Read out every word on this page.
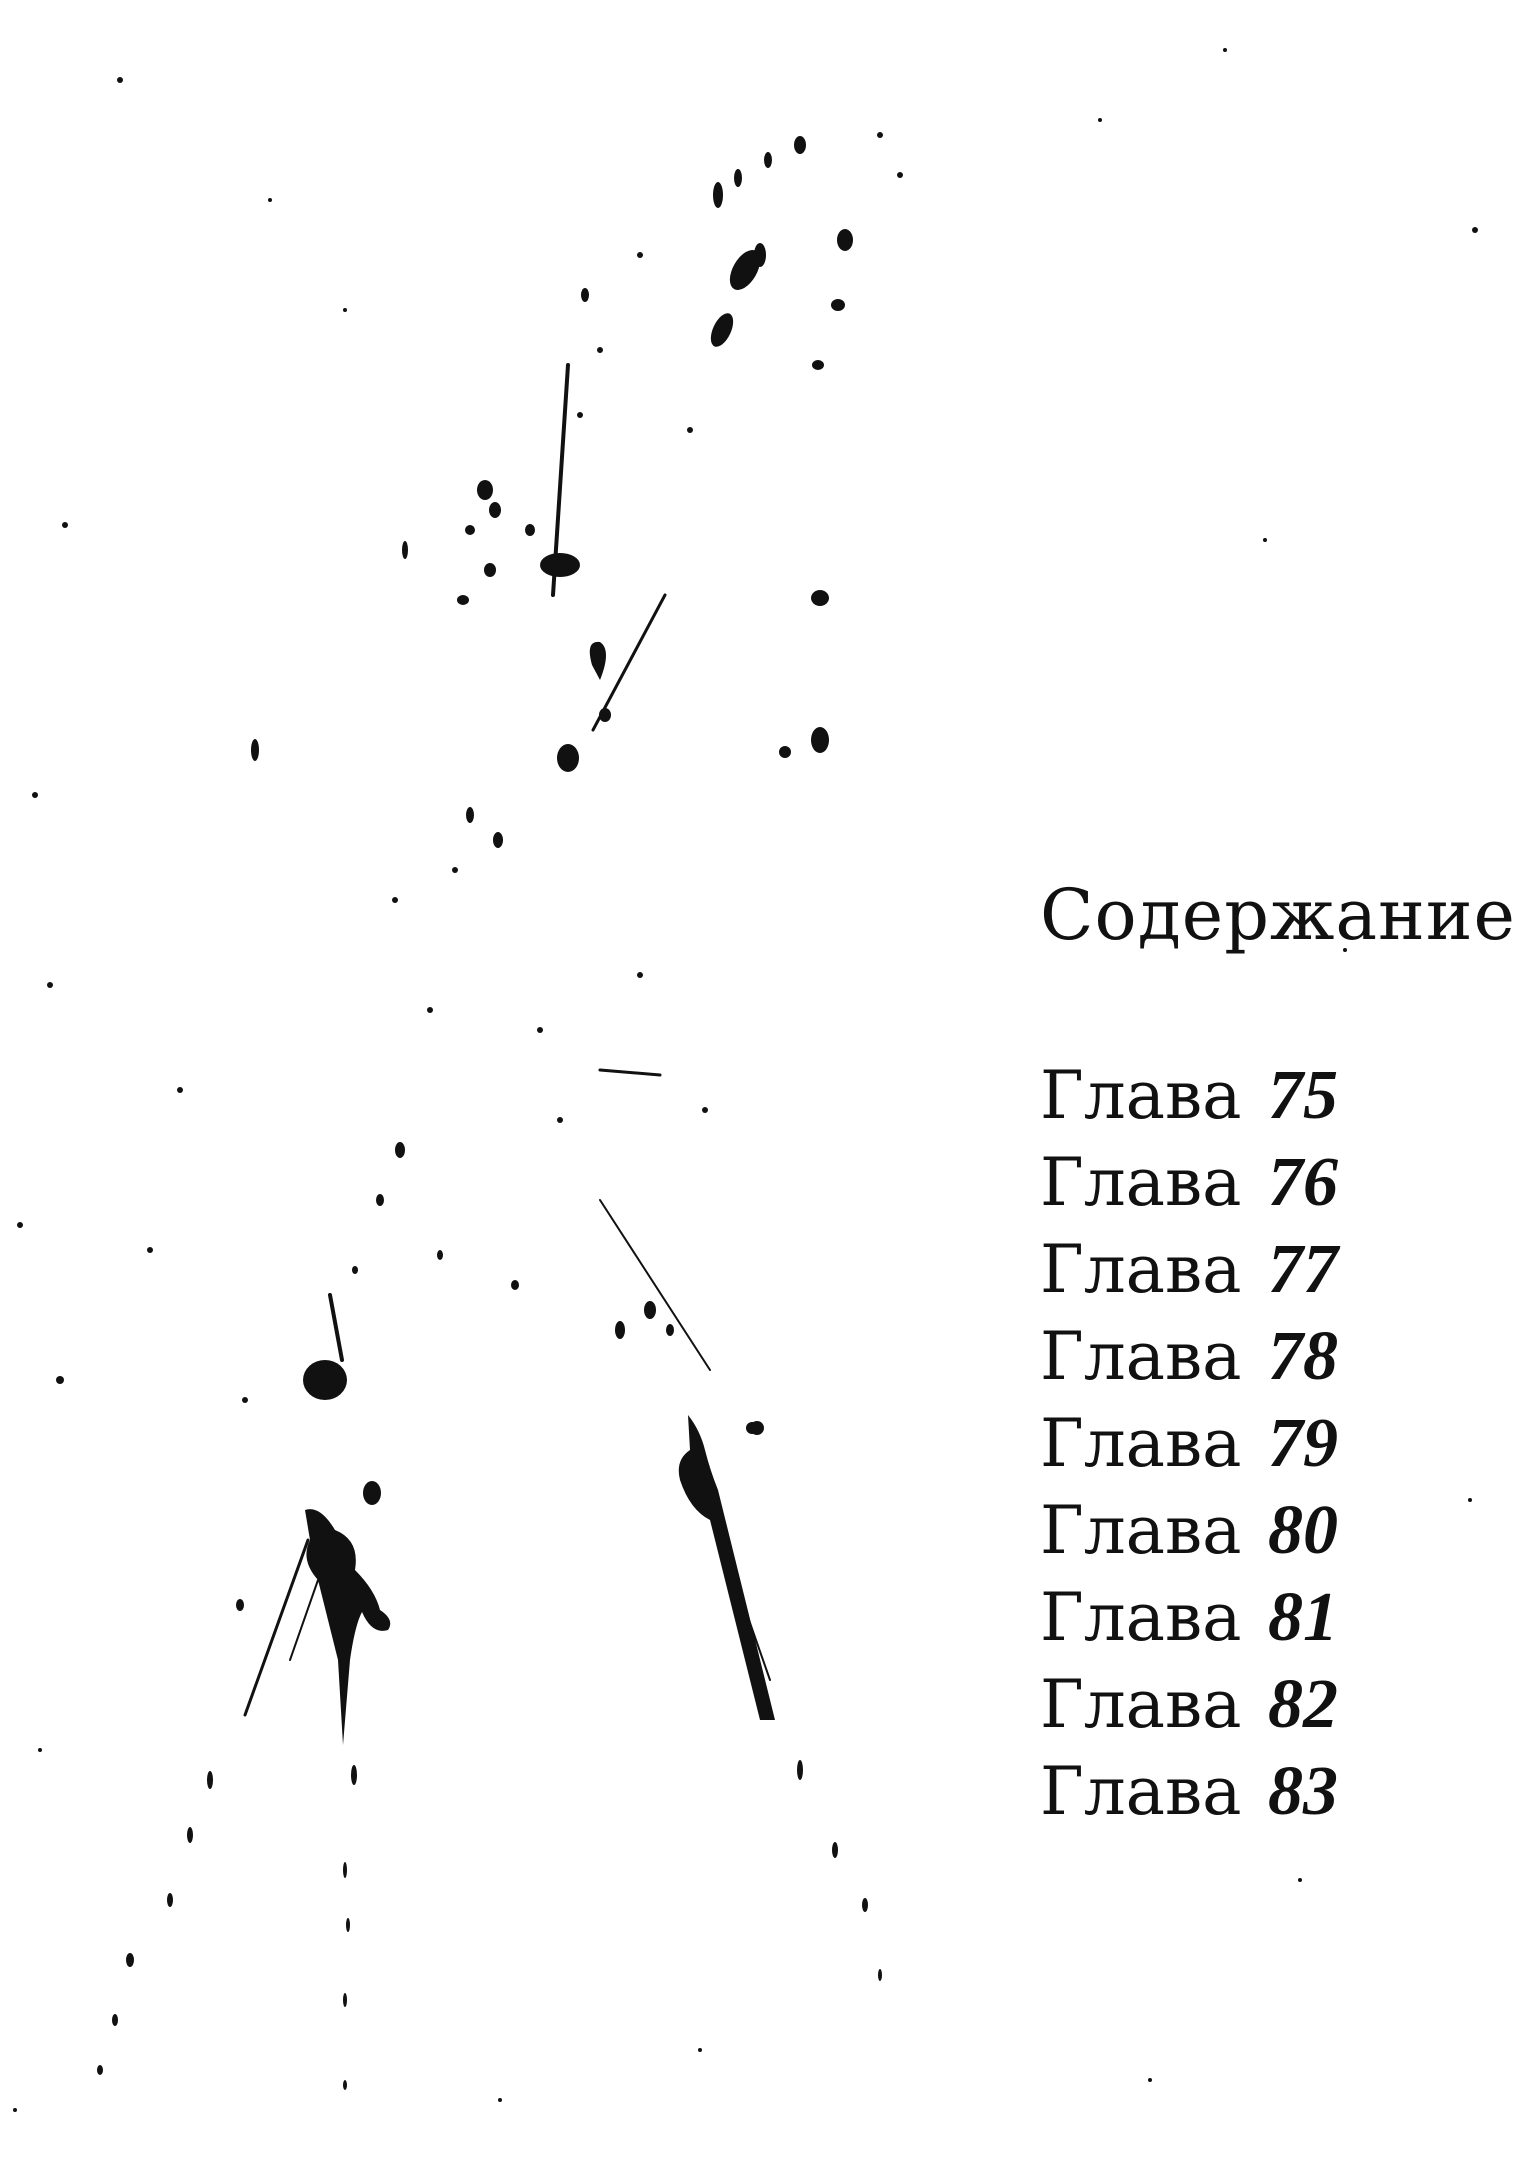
Содержание
Глава 75
Глава 76
Глава 77
Глава 78
Глава 79
Глава 80
Глава 81
Глава 82
Глава 83
